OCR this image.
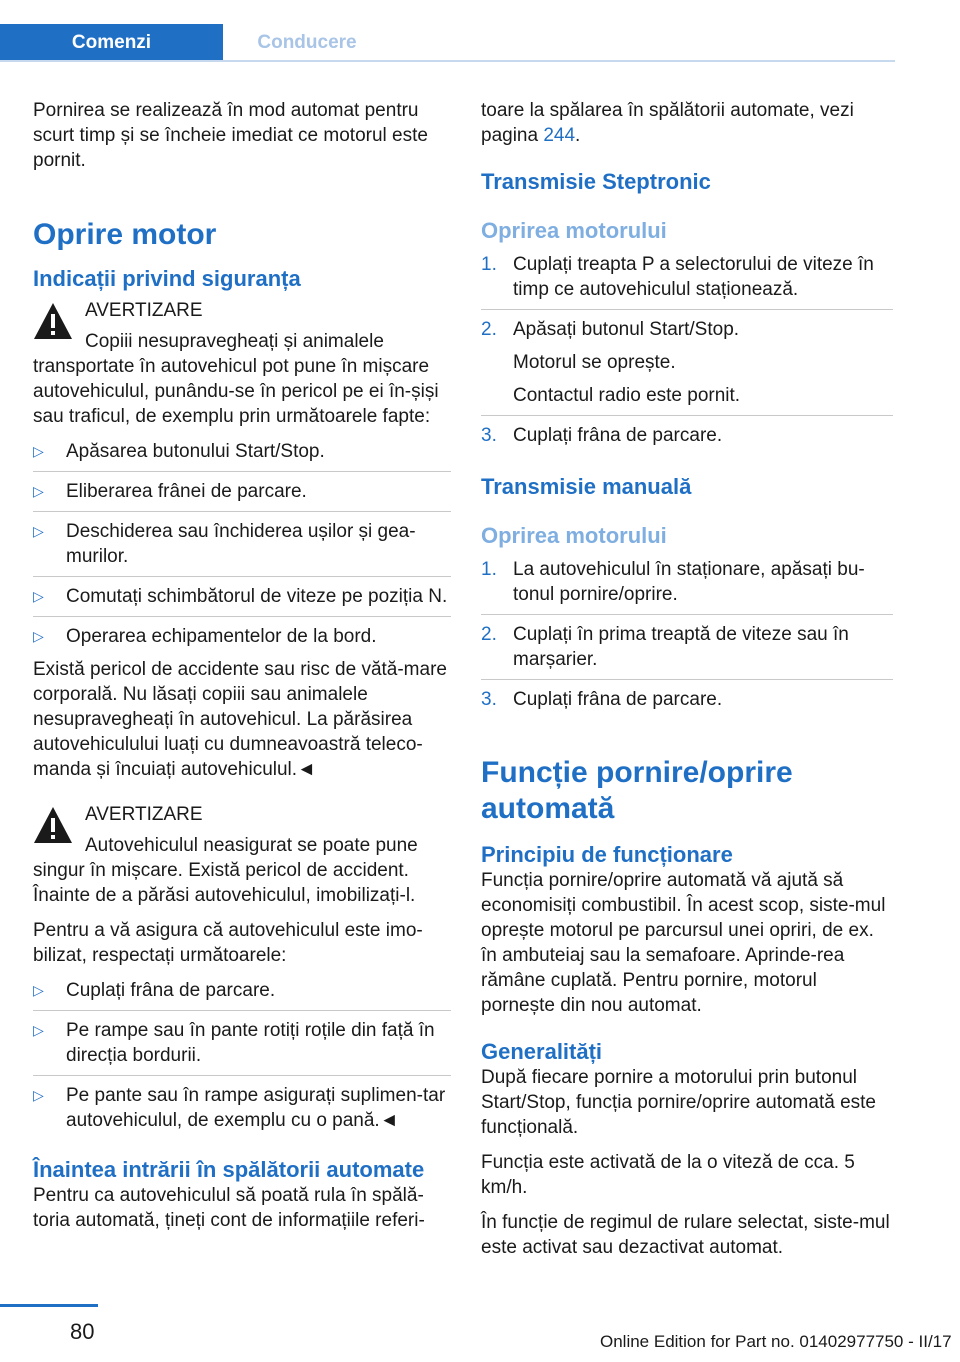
Comenzi	Conducere

Pornirea se realizează în mod automat pentru scurt timp și se încheie imediat ce motorul este pornit.

Oprire motor
Indicații privind siguranța
AVERTIZARE
Copiii nesupravegheați și animalele
transportate în autovehicul pot pune în mișcare autovehiculul, punându-se în pericol pe ei în-șiși sau traficul, de exemplu prin următoarele fapte:
▷ Apăsarea butonului Start/Stop.
▷ Eliberarea frânei de parcare.
▷ Deschiderea sau închiderea ușilor și gea-murilor.
▷ Comutați schimbătorul de viteze pe poziția N.
▷ Operarea echipamentelor de la bord.

Există pericol de accidente sau risc de vătă-mare corporală. Nu lăsați copiii sau animalele nesupravegheați în autovehicul. La părăsirea autovehiculului luați cu dumneavoastră teleco-manda și încuiați autovehiculul.◄

AVERTIZARE
Autovehiculul neasigurat se poate pune
singur în mișcare. Există pericol de accident. Înainte de a părăsi autovehiculul, imobilizați-l.

Pentru a vă asigura că autovehiculul este imo-bilizat, respectați următoarele:

▷ Cuplați frâna de parcare.
▷ Pe rampe sau în pante rotiți roțile din față în direcția bordurii.
▷ Pe pante sau în rampe asigurați suplimen-tar autovehiculul, de exemplu cu o pană.◄
Înaintea intrării în spălătorii automate

Pentru ca autovehiculul să poată rula în spălă-toria automată, țineți cont de informațiile referi-

toare la spălarea în spălătorii automate, vezi pagina 244.

Transmisie Steptronic
Oprirea motorului
1. Cuplați treapta P a selectorului de viteze în timp ce autovehiculul staționează.
2. Apăsați butonul Start/Stop.
Motorul se oprește.
Contactul radio este pornit.
3. Cuplați frâna de parcare.
Transmisie manuală
Oprirea motorului
1. La autovehiculul în staționare, apăsați bu-tonul pornire/oprire.
2. Cuplați în prima treaptă de viteze sau în marșarier.
3. Cuplați frâna de parcare.
Funcție pornire/oprire automată
Principiu de funcționare

Funcția pornire/oprire automată vă ajută să economisiți combustibil. În acest scop, siste-mul oprește motorul pe parcursul unei opriri, de ex. în ambuteiaj sau la semafoare. Aprinde-rea rămâne cuplată. Pentru pornire, motorul pornește din nou automat.

Generalități

După fiecare pornire a motorului prin butonul Start/Stop, funcția pornire/oprire automată este funcțională.

Funcția este activată de la o viteză de cca. 5 km/h.

În funcție de regimul de rulare selectat, siste-mul este activat sau dezactivat automat.

80	Online Edition for Part no. 01402977750 - II/17
